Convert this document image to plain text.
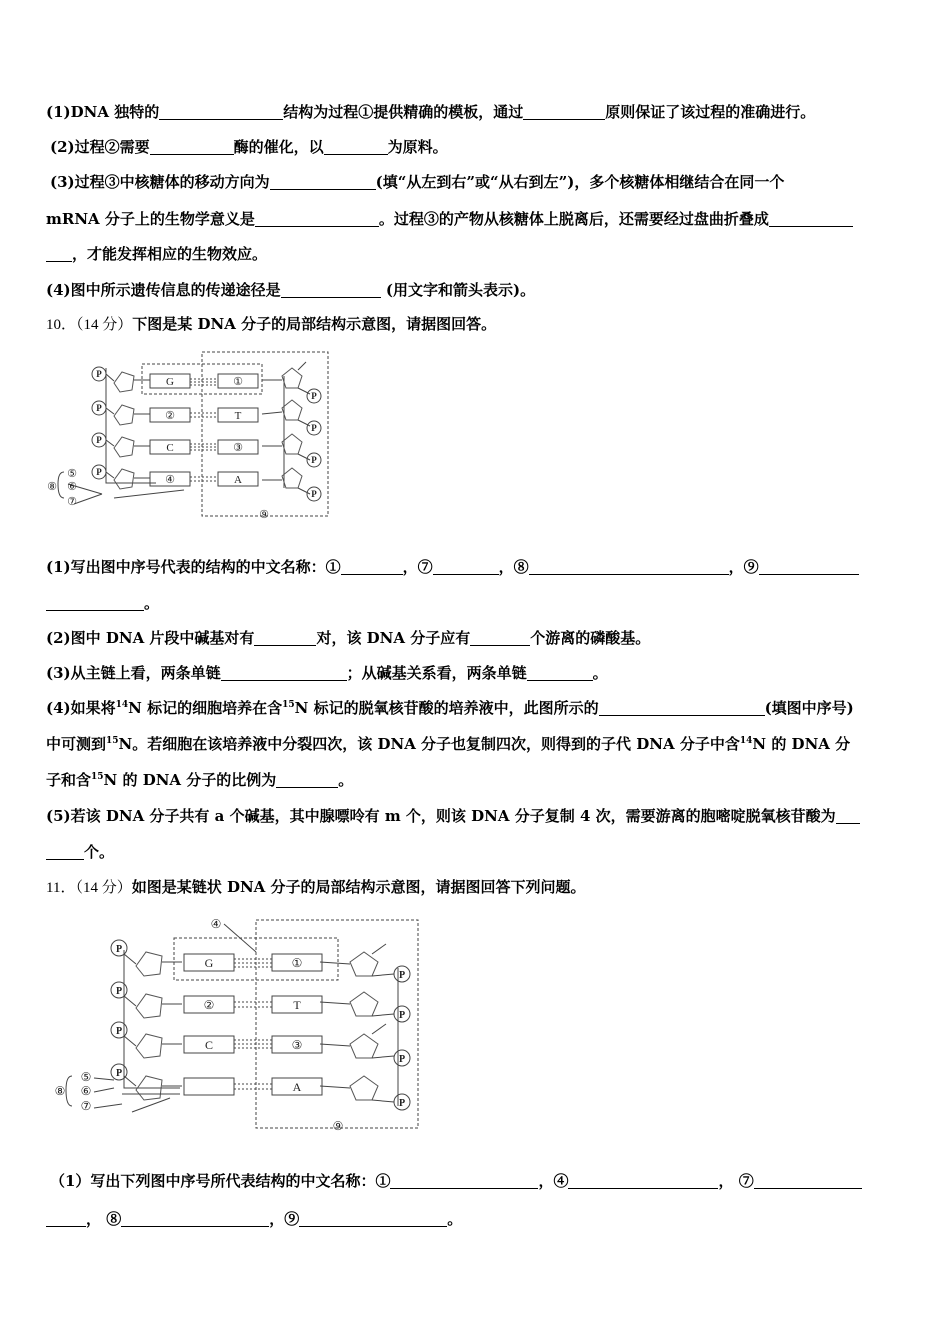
(1)DNA 独特的	结构为过程①提供精确的模板，通过	原则保证了该过程的准确进行。
(2)过程②需要	酶的催化，以	为原料。
(3)过程③中核糖体的移动方向为	(填“从左到右”或“从右到左”)，多个核糖体相继结合在同一个
mRNA 分子上的生物学意义是	。过程③的产物从核糖体上脱离后，还需要经过盘曲折叠成
，才能发挥相应的生物效应。
(4)图中所示遗传信息的传递途径是	(用文字和箭头表示)。
10．（14 分）下图是某 DNA 分子的局部结构示意图，请据图回答。
P
P
P
P
P
P
P
P
G
②
C
④
①
T
③
A
⑤
⑥
⑦
⑧
⑨
(1)写出图中序号代表的结构的中文名称：①	，⑦	，⑧	，⑨
。
(2)图中 DNA 片段中碱基对有	对，该 DNA 分子应有	个游离的磷酸基。
(3)从主链上看，两条单链	；从碱基关系看，两条单链	。
(4)如果将$^{14}$N 标记的细胞培养在含$^{15}$N 标记的脱氧核苷酸的培养液中，此图所示的	(填图中序号)
中可测到$^{15}$N。若细胞在该培养液中分裂四次，该 DNA 分子也复制四次，则得到的子代 DNA 分子中含$^{14}$N 的 DNA 分
子和含$^{15}$N 的 DNA 分子的比例为	。
(5)若该 DNA 分子共有 a 个碱基，其中腺嘌呤有 m 个，则该 DNA 分子复制 4 次，需要游离的胞嘧啶脱氧核苷酸为
个。
11．（14 分）如图是某链状 DNA 分子的局部结构示意图，请据图回答下列问题。
P
P
P
P
P
P
P
P
G
②
C
①
T
③
A
④
⑤
⑥
⑦
⑧
⑨
（1）写出下列图中序号所代表结构的中文名称：①	，④	， ⑦
， ⑧	，⑨	。
